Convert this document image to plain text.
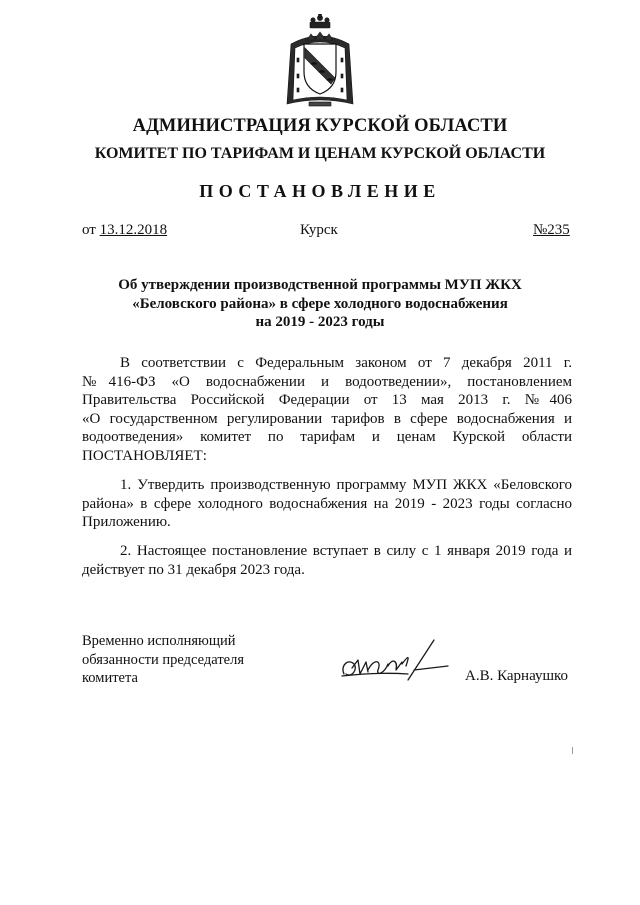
АДМИНИСТРАЦИЯ КУРСКОЙ ОБЛАСТИ
КОМИТЕТ ПО ТАРИФАМ И ЦЕНАМ КУРСКОЙ ОБЛАСТИ
ПОСТАНОВЛЕНИЕ
от 13.12.2018	Курск	№235
Об утверждении производственной программы МУП ЖКХ
«Беловского района» в сфере холодного водоснабжения
на 2019 - 2023 годы
В соответствии с Федеральным законом от 7 декабря 2011 г.
№416-ФЗ «О водоснабжении и водоотведении», постановлением
Правительства Российской Федерации от 13 мая 2013 г. №406
«О государственном регулировании тарифов в сфере водоснабжения и
водоотведения» комитет по тарифам и ценам Курской области
ПОСТАНОВЛЯЕТ:
1. Утвердить производственную программу МУП ЖКХ «Беловского
района» в сфере холодного водоснабжения на 2019 - 2023 годы согласно
Приложению.
2. Настоящее постановление вступает в силу с 1 января 2019 года и
действует по 31 декабря 2023 года.
Временно исполняющий
обязанности председателя
комитета	А.В. Карнаушко
